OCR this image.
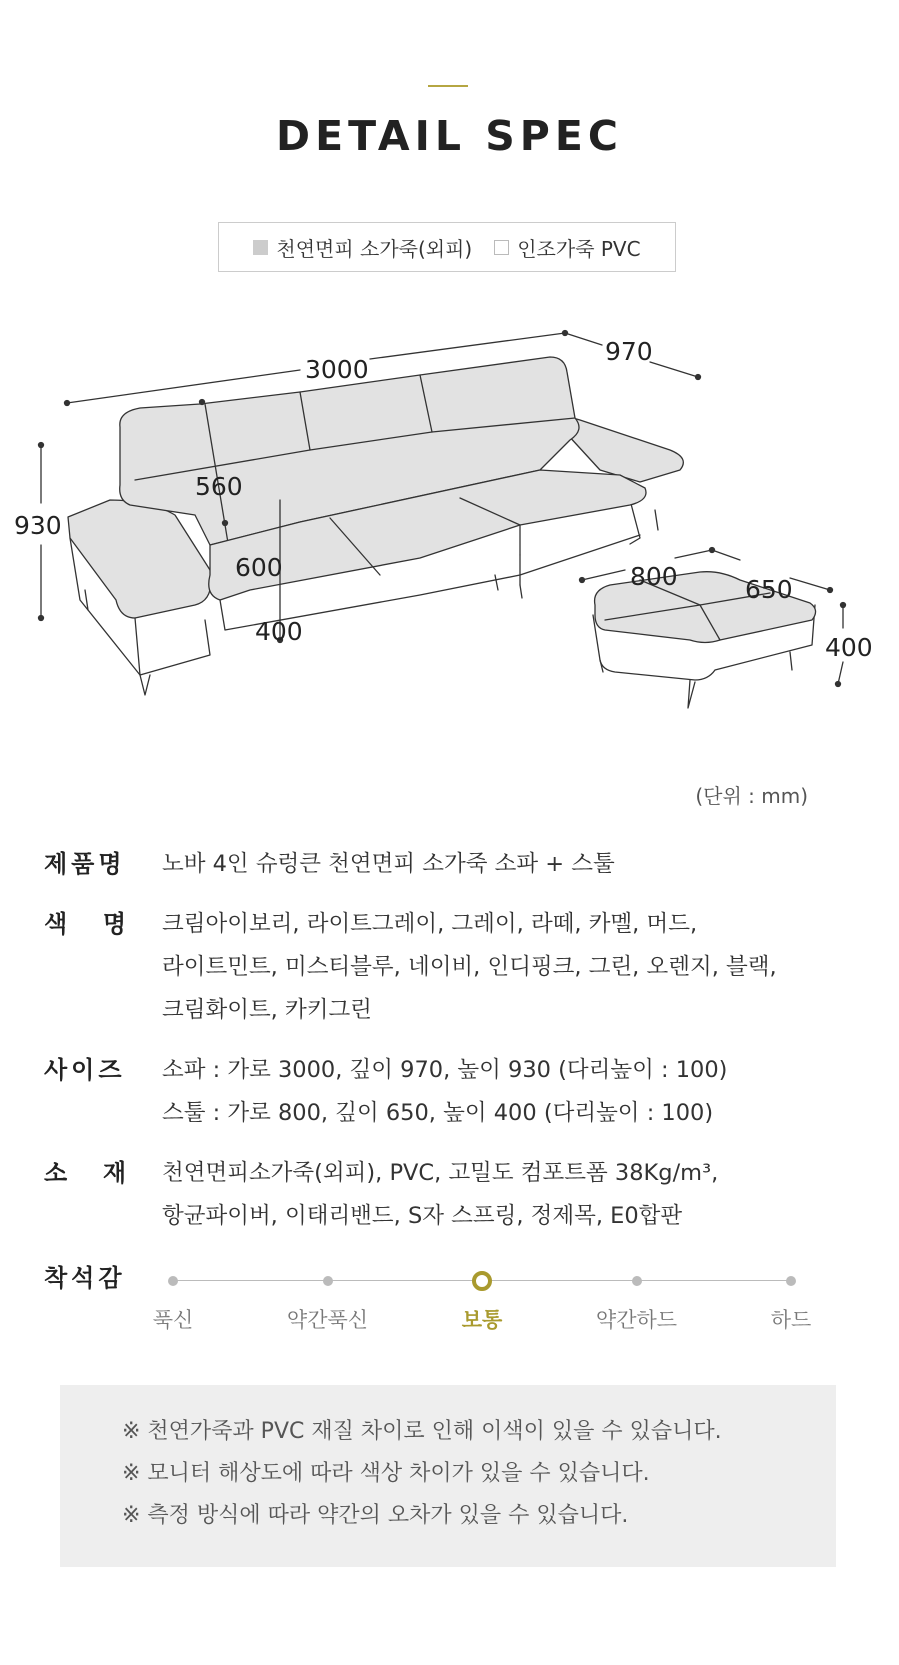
DETAIL SPEC
천연면피 소가죽(외피) 인조가죽 PVC
3000
970
930
560
600
400
800	650
400
(단위 : mm)
제품명	노바 4인 슈렁큰 천연면피 소가죽 소파 + 스툴
색 명 크림아이보리, 라이트그레이, 그레이, 라떼, 카멜, 머드,
라이트민트, 미스티블루, 네이비, 인디핑크, 그린, 오렌지, 블랙,
크림화이트, 카키그린
사이즈	소파 : 가로 3000, 깊이 970, 높이 930 (다리높이 : 100)
스툴 : 가로 800, 깊이 650, 높이 400 (다리높이 : 100)
소 재 천연면피소가죽(외피), PVC, 고밀도 컴포트폼 38Kg/m³,
항균파이버, 이태리밴드, S자 스프링, 정제목, E0합판
착석감
푹신	약간푹신	보통	약간하드	하드
※ 천연가죽과 PVC 재질 차이로 인해 이색이 있을 수 있습니다.
※ 모니터 해상도에 따라 색상 차이가 있을 수 있습니다.
※ 측정 방식에 따라 약간의 오차가 있을 수 있습니다.
